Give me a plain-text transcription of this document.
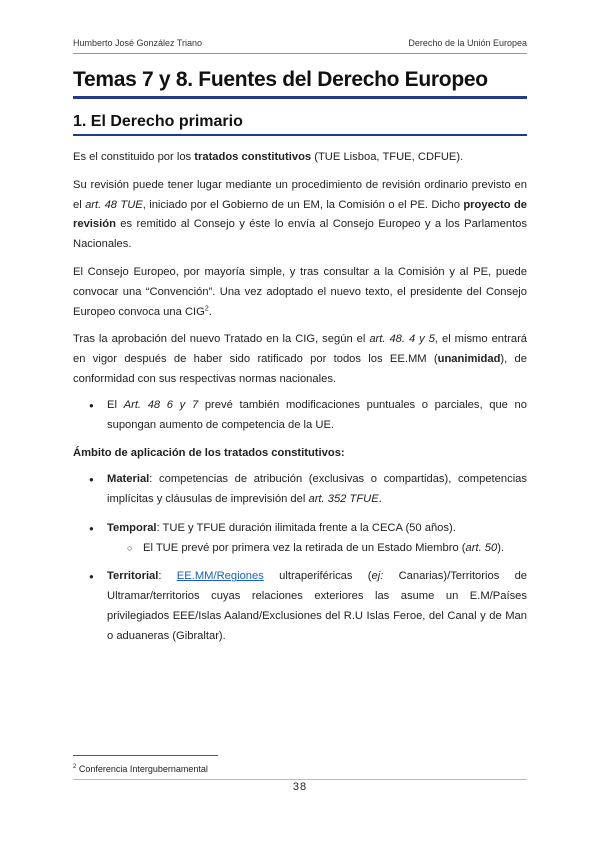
Humberto José González Triano	Derecho de la Unión Europea
Temas 7 y 8. Fuentes del Derecho Europeo
1. El Derecho primario

Es el constituido por los tratados constitutivos (TUE Lisboa, TFUE, CDFUE).

Su revisión puede tener lugar mediante un procedimiento de revisión ordinario previsto en el art. 48 TUE, iniciado por el Gobierno de un EM, la Comisión o el PE. Dicho proyecto de revisión es remitido al Consejo y éste lo envía al Consejo Europeo y a los Parlamentos Nacionales.

El Consejo Europeo, por mayoría simple, y tras consultar a la Comisión y al PE, puede convocar una “Convención”. Una vez adoptado el nuevo texto, el presidente del Consejo Europeo convoca una CIG$^2$.

Tras la aprobación del nuevo Tratado en la CIG, según el art. 48. 4 y 5, el mismo entrará en vigor después de haber sido ratificado por todos los EE.MM (unanimidad), de conformidad con sus respectivas normas nacionales.

● El Art. 48 6 y 7 prevé también modificaciones puntuales o parciales, que no supongan aumento de competencia de la UE.
Ámbito de aplicación de los tratados constitutivos:
● Material: competencias de atribución (exclusivas o compartidas), competencias implícitas y cláusulas de imprevisión del art. 352 TFUE.
● Temporal: TUE y TFUE duración ilimitada frente a la CECA (50 años).
○ El TUE prevé por primera vez la retirada de un Estado Miembro (art. 50).
● Territorial: EE.MM/Regiones ultraperiféricas (ej: Canarias)/Territorios de Ultramar/territorios cuyas relaciones exteriores las asume un E.M/Países privilegiados EEE/Islas Aaland/Exclusiones del R.U Islas Feroe, del Canal y de Man o aduaneras (Gibraltar).
$^2$ Conferencia Intergubernamental
38
